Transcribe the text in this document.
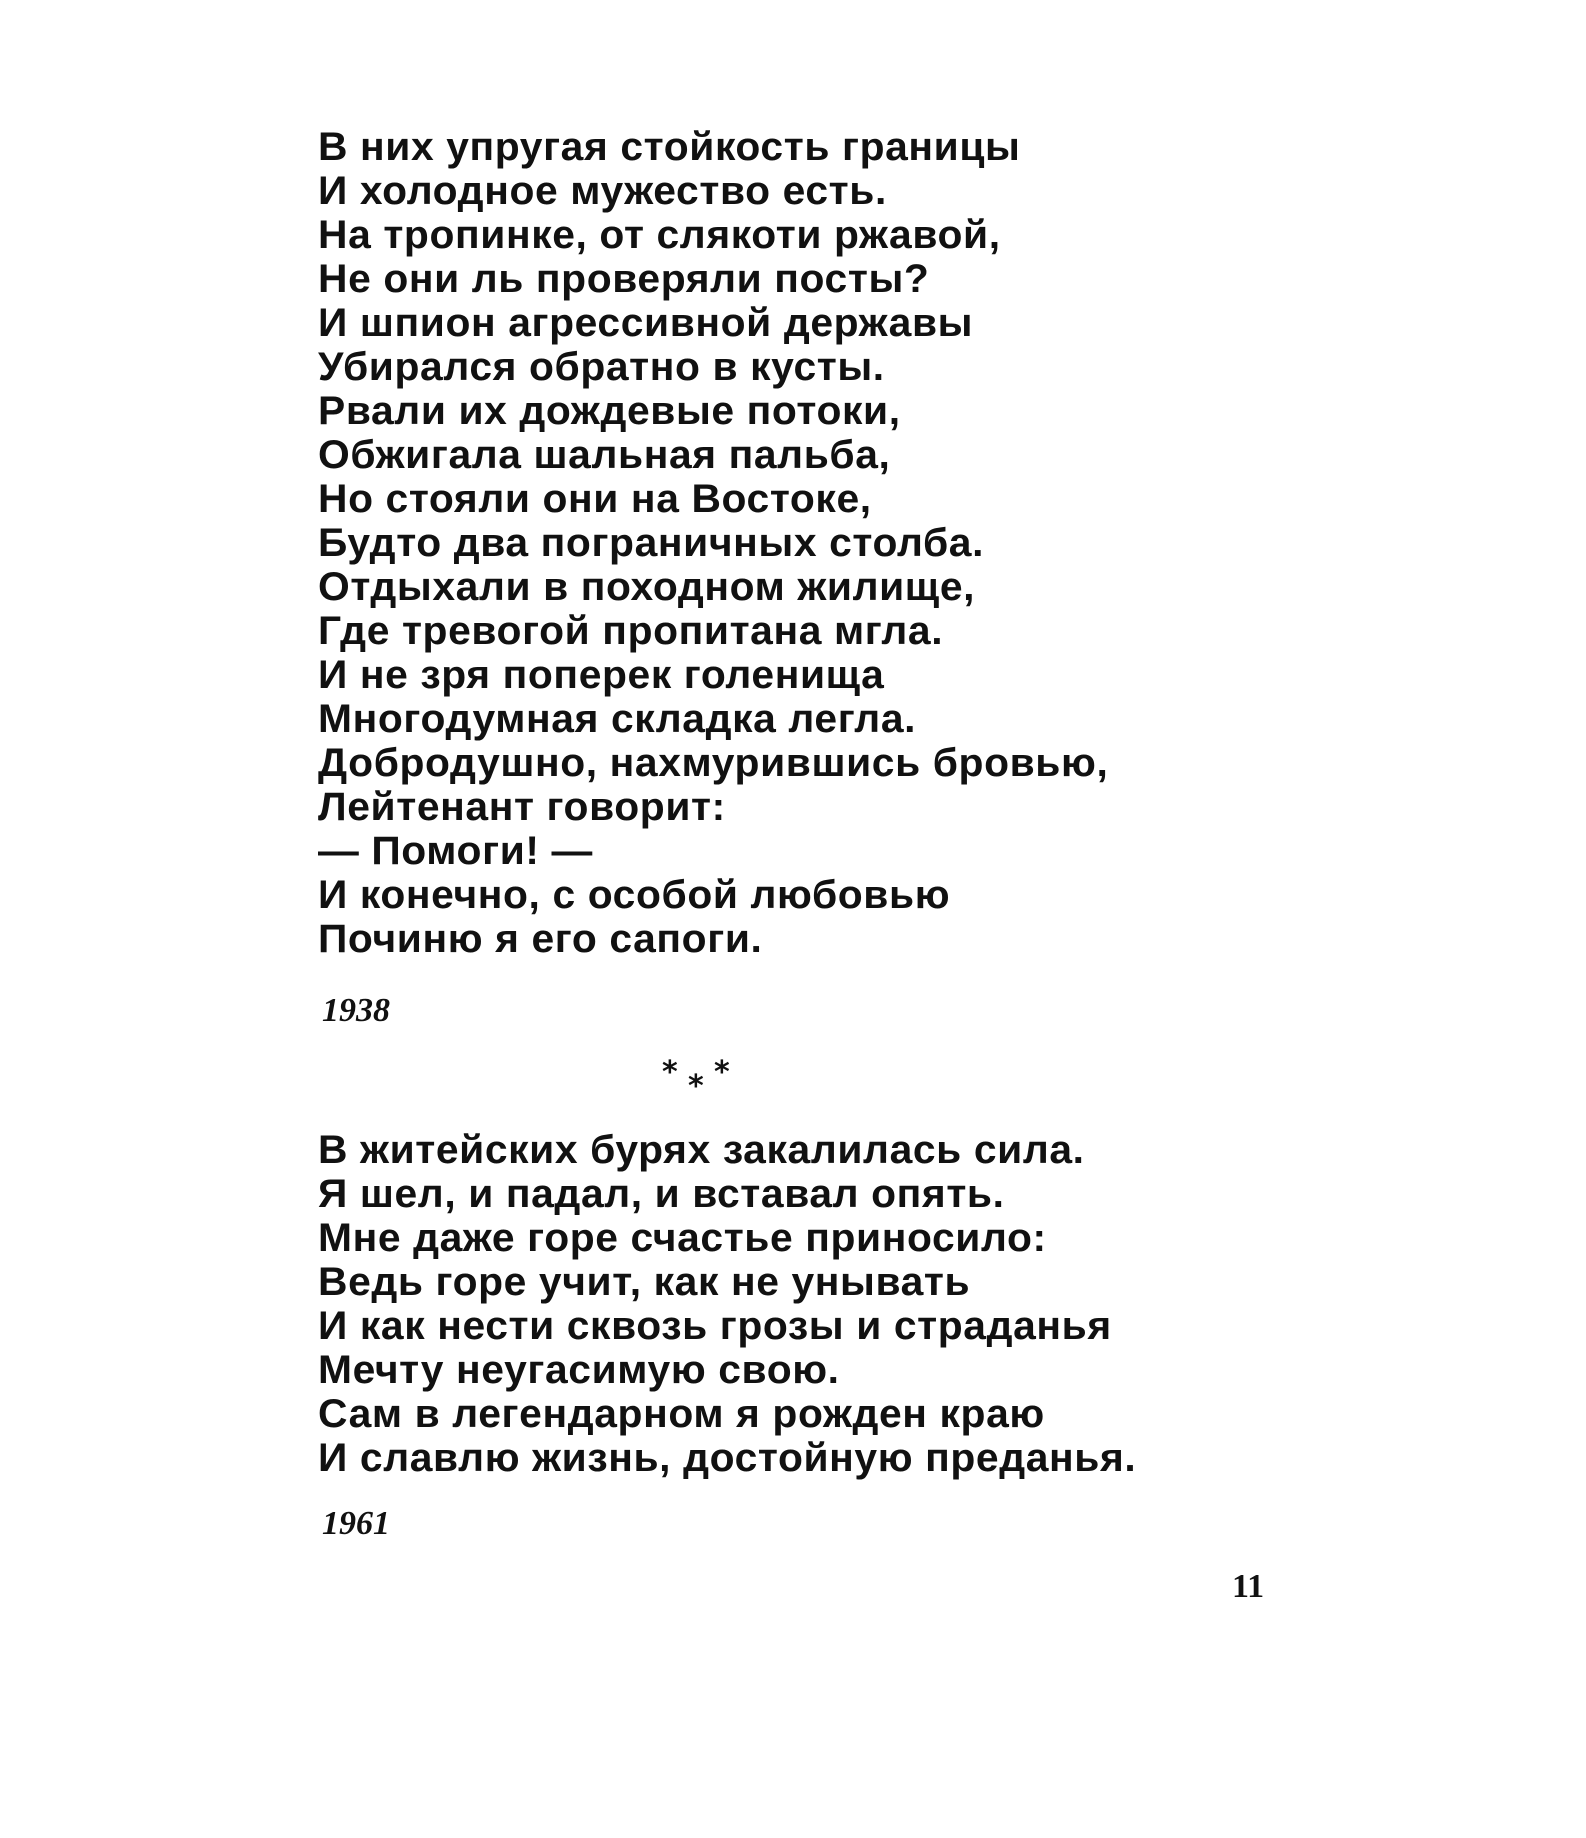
В них упругая стойкость границы
И холодное мужество есть.
На тропинке, от слякоти ржавой,
Не они ль проверяли посты?
И шпион агрессивной державы
Убирался обратно в кусты.
Рвали их дождевые потоки,
Обжигала шальная пальба,
Но стояли они на Востоке,
Будто два пограничных столба.
Отдыхали в походном жилище,
Где тревогой пропитана мгла.
И не зря поперек голенища
Многодумная складка легла.
Добродушно, нахмурившись бровью,
Лейтенант говорит:
— Помоги! —
И конечно, с особой любовью
Починю я его сапоги.
1938
* * *
В житейских бурях закалилась сила.
Я шел, и падал, и вставал опять.
Мне даже горе счастье приносило:
Ведь горе учит, как не унывать
И как нести сквозь грозы и страданья
Мечту неугасимую свою.
Сам в легендарном я рожден краю
И славлю жизнь, достойную преданья.
1961
11
